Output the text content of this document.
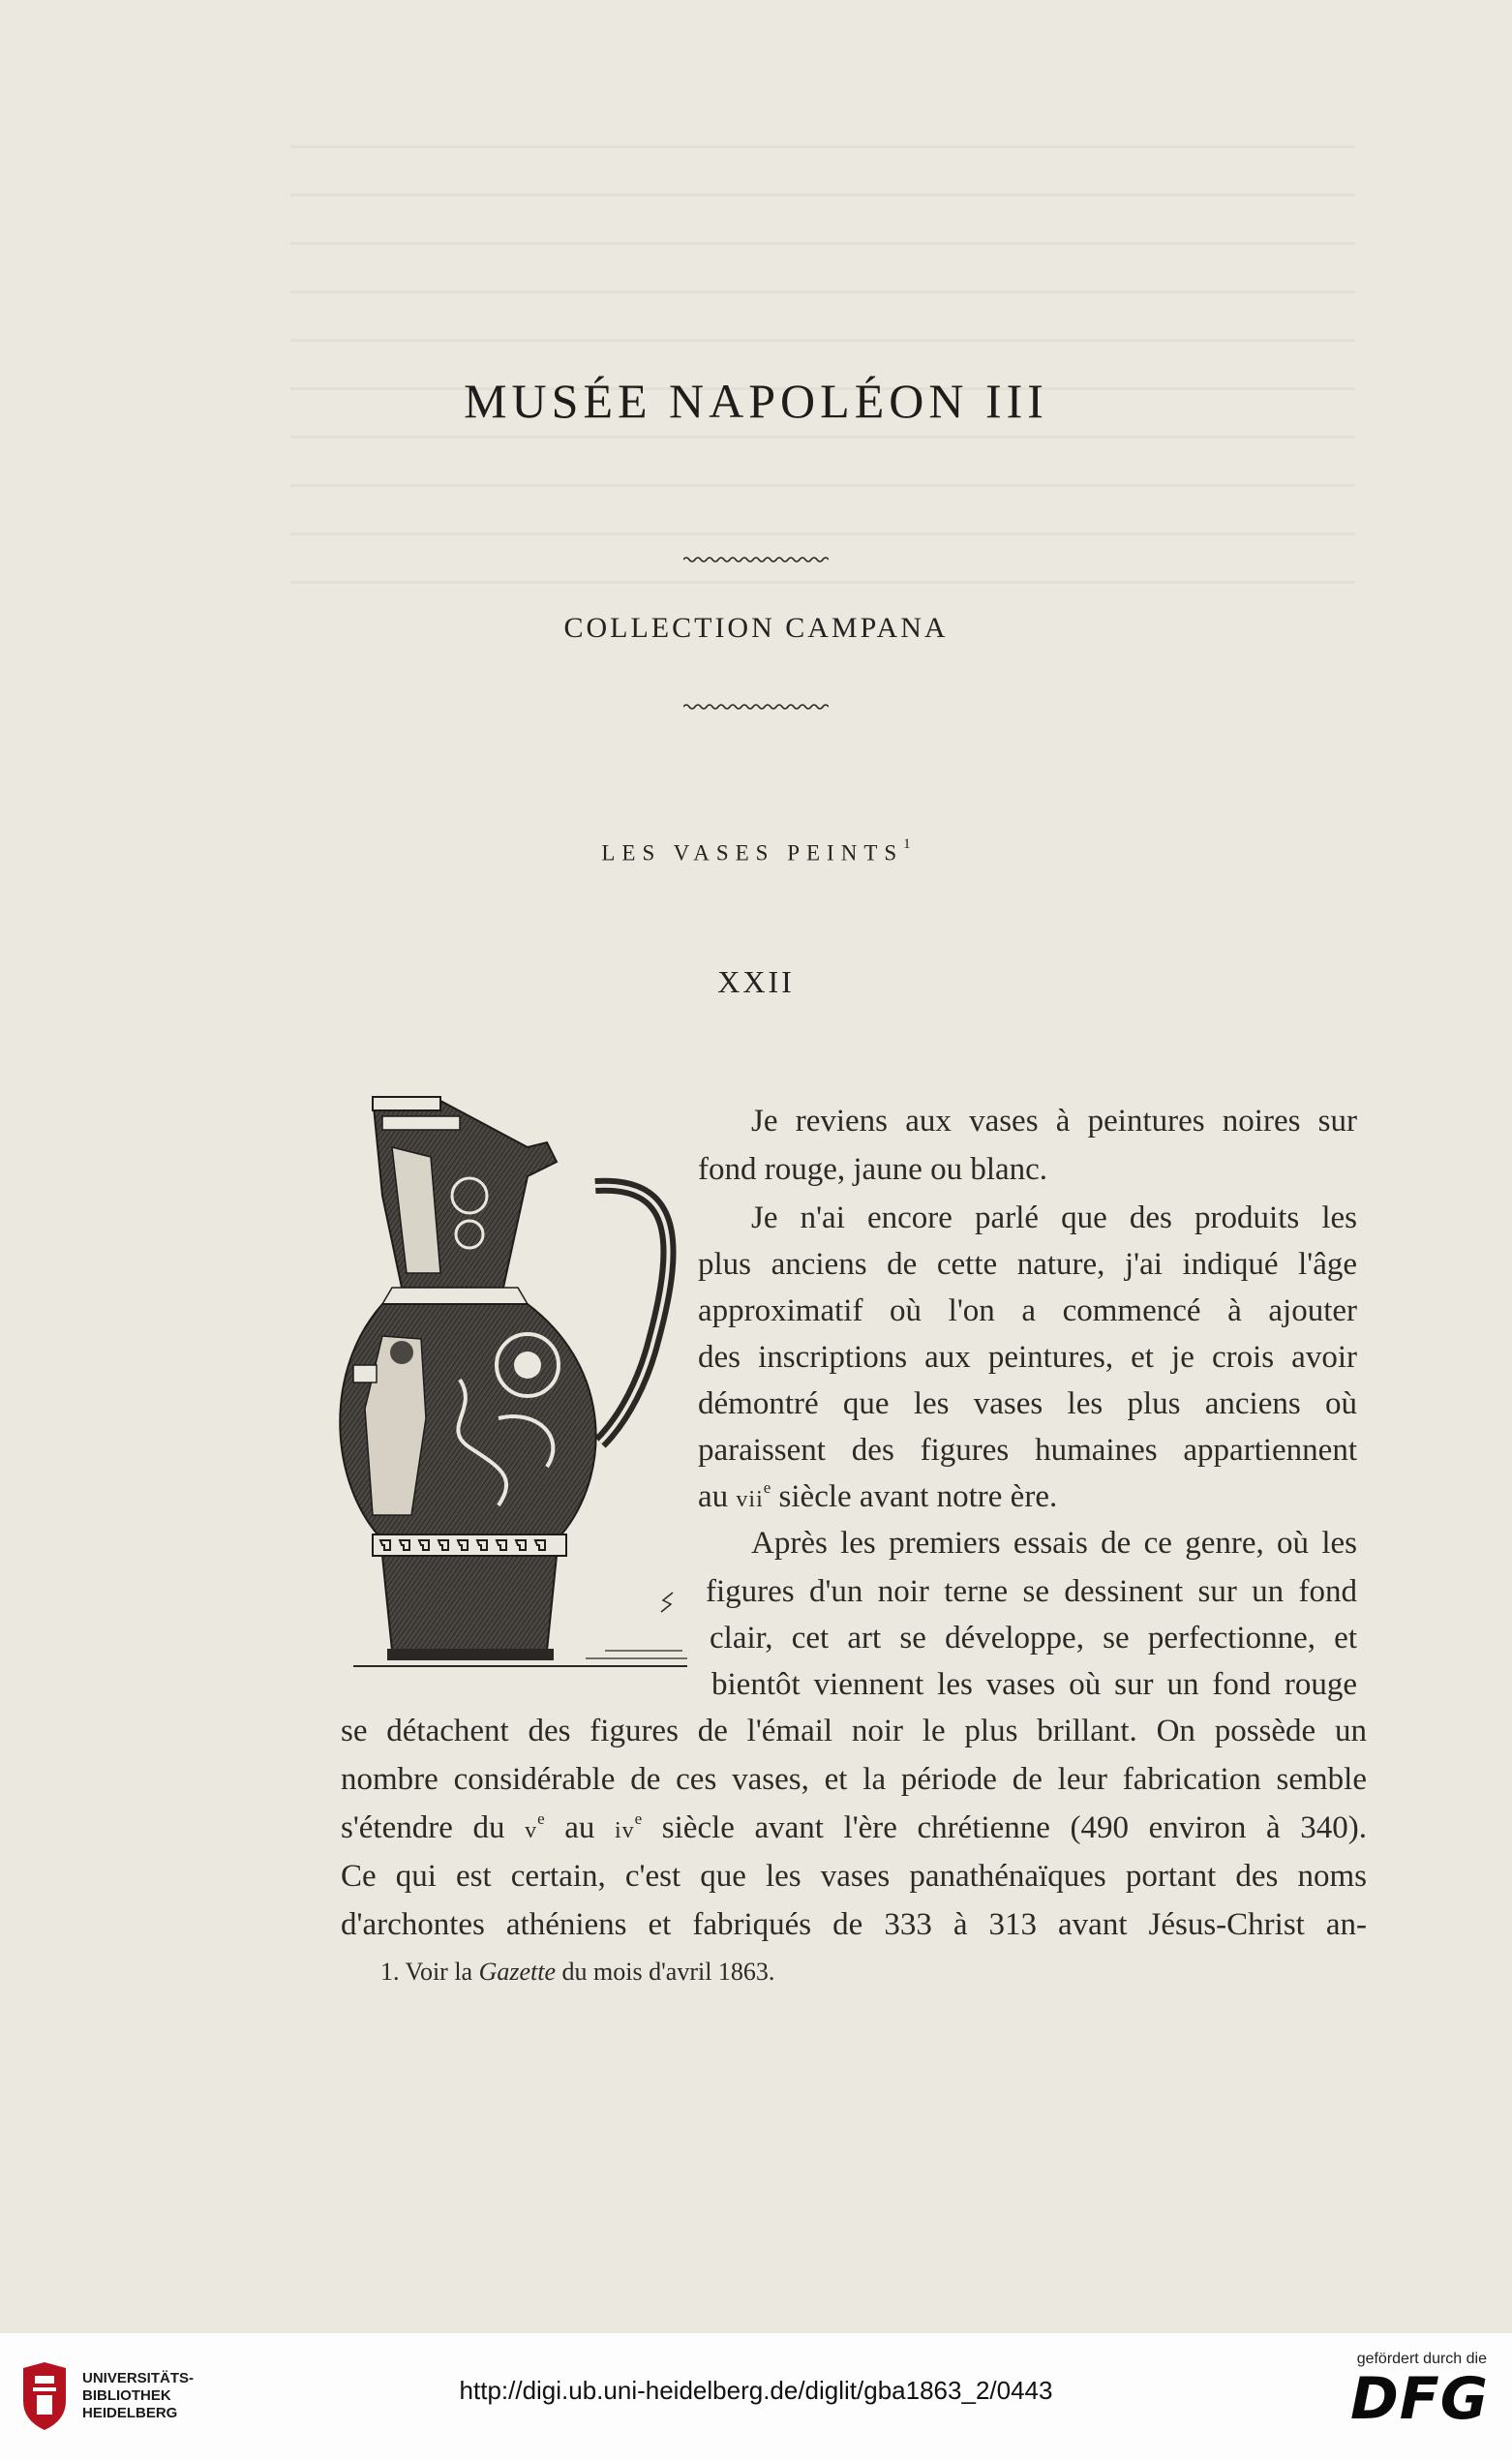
MUSÉE NAPOLÉON III
COLLECTION CAMPANA
LES VASES PEINTS$^1$
XXII
Je reviens aux vases à peintures noires sur
fond rouge, jaune ou blanc.
Je n'ai encore parlé que des produits les
plus anciens de cette nature, j'ai indiqué l'âge
approximatif où l'on a commencé à ajouter
des inscriptions aux peintures, et je crois avoir
démontré que les vases les plus anciens où
paraissent des figures humaines appartiennent
au vii$^e$ siècle avant notre ère.
Après les premiers essais de ce genre, où les
figures d'un noir terne se dessinent sur un fond
clair, cet art se développe, se perfectionne, et
bientôt viennent les vases où sur un fond rouge
se détachent des figures de l'émail noir le plus brillant. On possède un
nombre considérable de ces vases, et la période de leur fabrication semble
s'étendre du $v^e$ au $iv^e$ siècle avant l'ère chrétienne (490 environ à 340).
Ce qui est certain, c'est que les vases panathénaïques portant des noms
d'archontes athéniens et fabriqués de 333 à 313 avant Jésus-Christ an-
1. Voir la Gazette du mois d'avril 1863.
UNIVERSITÄTS-
BIBLIOTHEK
HEIDELBERG
http://digi.ub.uni-heidelberg.de/diglit/gba1863_2/0443
gefördert durch die
DFG
